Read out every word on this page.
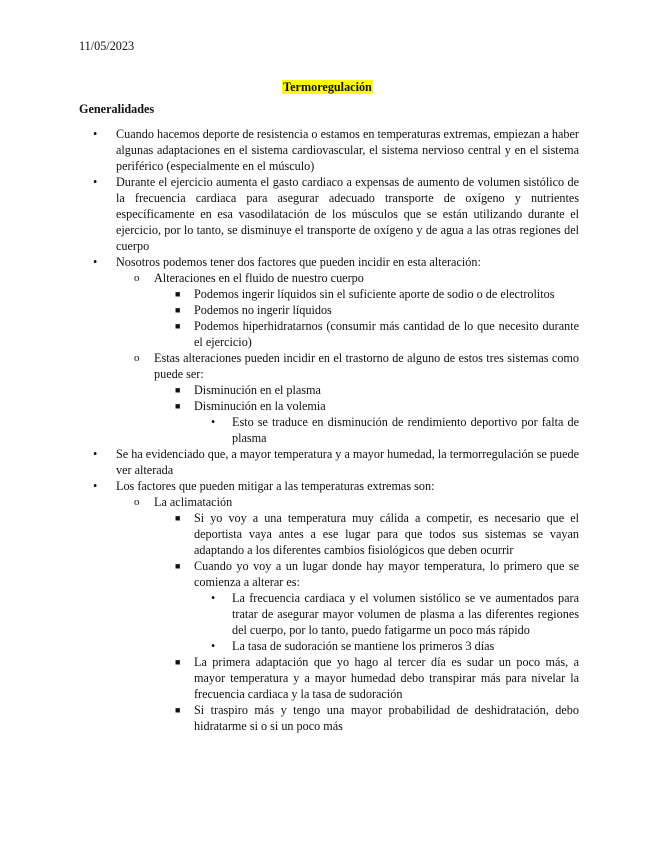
11/05/2023
Termoregulación
Generalidades
• Cuando hacemos deporte de resistencia o estamos en temperaturas extremas, empiezan a haber algunas adaptaciones en el sistema cardiovascular, el sistema nervioso central y en el sistema periférico (especialmente en el músculo)
• Durante el ejercicio aumenta el gasto cardiaco a expensas de aumento de volumen sistólico de la frecuencia cardiaca para asegurar adecuado transporte de oxígeno y nutrientes específicamente en esa vasodilatación de los músculos que se están utilizando durante el ejercicio, por lo tanto, se disminuye el transporte de oxígeno y de agua a las otras regiones del cuerpo
• Nosotros podemos tener dos factores que pueden incidir en esta alteración:
o Alteraciones en el fluido de nuestro cuerpo
■ Podemos ingerir líquidos sin el suficiente aporte de sodio o de electrolitos
■ Podemos no ingerir líquidos
■ Podemos hiperhidratarnos (consumir más cantidad de lo que necesito durante el ejercicio)
o Estas alteraciones pueden incidir en el trastorno de alguno de estos tres sistemas como puede ser:
■ Disminución en el plasma
■ Disminución en la volemia
• Esto se traduce en disminución de rendimiento deportivo por falta de plasma
• Se ha evidenciado que, a mayor temperatura y a mayor humedad, la termorregulación se puede ver alterada
• Los factores que pueden mitigar a las temperaturas extremas son:
o La aclimatación
■ Si yo voy a una temperatura muy cálida a competir, es necesario que el deportista vaya antes a ese lugar para que todos sus sistemas se vayan adaptando a los diferentes cambios fisiológicos que deben ocurrir
■ Cuando yo voy a un lugar donde hay mayor temperatura, lo primero que se comienza a alterar es:
• La frecuencia cardiaca y el volumen sistólico se ve aumentados para tratar de asegurar mayor volumen de plasma a las diferentes regiones del cuerpo, por lo tanto, puedo fatigarme un poco más rápido
• La tasa de sudoración se mantiene los primeros 3 días
■ La primera adaptación que yo hago al tercer día es sudar un poco más, a mayor temperatura y a mayor humedad debo transpirar más para nivelar la frecuencia cardiaca y la tasa de sudoración
■ Si traspiro más y tengo una mayor probabilidad de deshidratación, debo hidratarme si o si un poco más
